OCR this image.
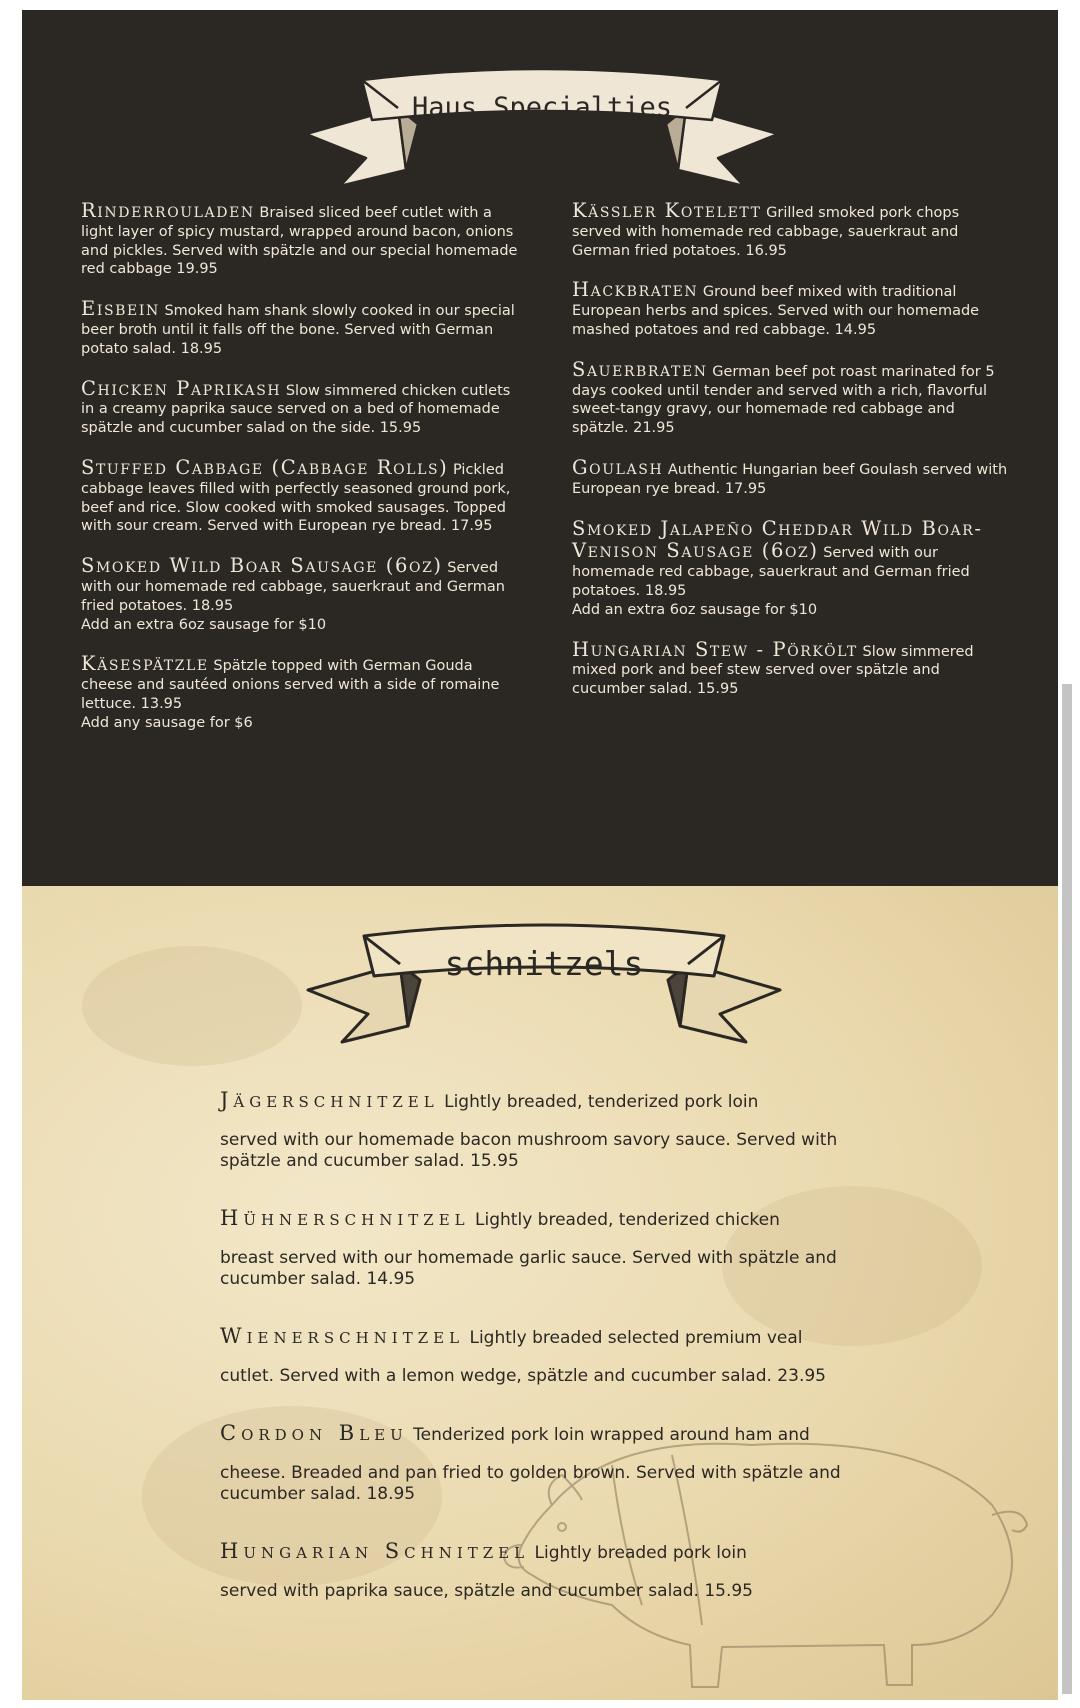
Haus Specialties
Rinderrouladen Braised sliced beef cutlet with a light layer of spicy mustard, wrapped around bacon, onions and pickles. Served with spätzle and our special homemade red cabbage 19.95
Eisbein Smoked ham shank slowly cooked in our special beer broth until it falls off the bone. Served with German potato salad. 18.95
Chicken Paprikash Slow simmered chicken cutlets in a creamy paprika sauce served on a bed of homemade spätzle and cucumber salad on the side. 15.95
Stuffed Cabbage (Cabbage Rolls) Pickled cabbage leaves filled with perfectly seasoned ground pork, beef and rice. Slow cooked with smoked sausages. Topped with sour cream. Served with European rye bread. 17.95
Smoked Wild Boar Sausage (6oz) Served with our homemade red cabbage, sauerkraut and German fried potatoes. 18.95
Add an extra 6oz sausage for $10
Käsespätzle Spätzle topped with German Gouda cheese and sautéed onions served with a side of romaine lettuce. 13.95
Add any sausage for $6
Kässler Kotelett Grilled smoked pork chops served with homemade red cabbage, sauerkraut and German fried potatoes. 16.95
Hackbraten Ground beef mixed with traditional European herbs and spices. Served with our homemade mashed potatoes and red cabbage. 14.95
Sauerbraten German beef pot roast marinated for 5 days cooked until tender and served with a rich, flavorful sweet-tangy gravy, our homemade red cabbage and spätzle. 21.95
Goulash Authentic Hungarian beef Goulash served with European rye bread. 17.95
Smoked Jalapeño Cheddar Wild Boar-Venison Sausage (6oz) Served with our homemade red cabbage, sauerkraut and German fried potatoes. 18.95
Add an extra 6oz sausage for $10
Hungarian Stew - Pörkölt Slow simmered mixed pork and beef stew served over spätzle and cucumber salad. 15.95
schnitzels
Jägerschnitzel Lightly breaded, tenderized pork loin
served with our homemade bacon mushroom savory sauce. Served with spätzle and cucumber salad. 15.95
Hühnerschnitzel Lightly breaded, tenderized chicken
breast served with our homemade garlic sauce. Served with spätzle and cucumber salad. 14.95
Wienerschnitzel Lightly breaded selected premium veal
cutlet. Served with a lemon wedge, spätzle and cucumber salad. 23.95
Cordon Bleu Tenderized pork loin wrapped around ham and
cheese. Breaded and pan fried to golden brown. Served with spätzle and cucumber salad. 18.95
Hungarian Schnitzel Lightly breaded pork loin
served with paprika sauce, spätzle and cucumber salad. 15.95
